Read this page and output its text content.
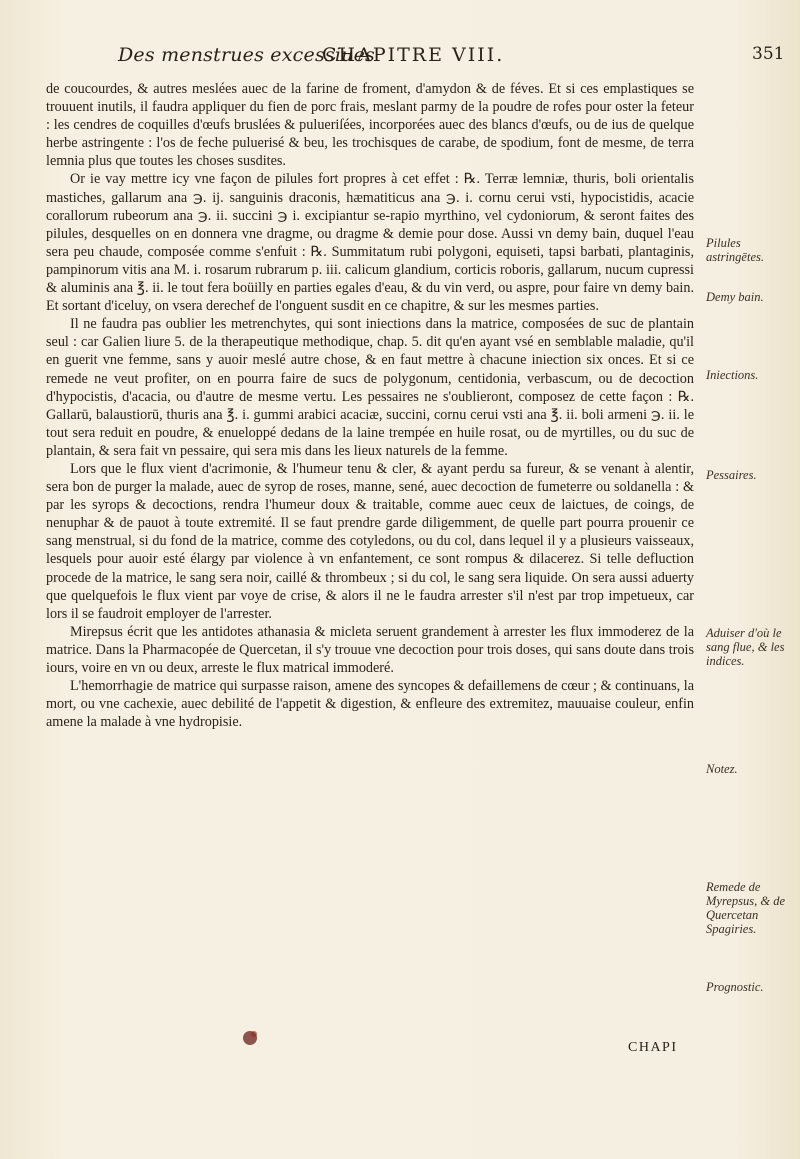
Des menstrues excessiues
CHAPITRE VIII.	351

de coucourdes, & autres meslées auec de la farine de froment, d'amydon & de féves. Et si ces emplastiques se trouuent inutils, il faudra appliquer du fien de porc frais, meslant parmy de la poudre de rofes pour oster la feteur : les cendres de coquilles d'œufs bruslées & pulueriſées, incorporées auec des blancs d'œufs, ou de ius de quelque herbe astringente : l'os de feche puluerisé & beu, les trochisques de carabe, de spodium, font de mesme, de terra lemnia plus que toutes les choses susdites.

Or ie vay mettre icy vne façon de pilules fort propres à cet effet : ℞. Terræ lemniæ, thuris, boli orientalis mastiches, gallarum ana ℈. ij. sanguinis draconis, hæmatiticus ana ℈. i. cornu cerui vsti, hypocistidis, acacie corallorum rubeorum ana ℈. ii. succini ℈ i. excipiantur se-rapio myrthino, vel cydoniorum, & seront faites des pilules, desquelles on en donnera vne dragme, ou dragme & demie pour dose. Aussi vn demy bain, duquel l'eau sera peu chaude, composée comme s'enfuit : ℞. Summitatum rubi polygoni, equiseti, tapsi barbati, plantaginis, pampinorum vitis ana M. i. rosarum rubrarum p. iii. calicum glandium, corticis roboris, gallarum, nucum cupressi & aluminis ana ℥. ii. le tout fera boüilly en parties egales d'eau, & du vin verd, ou aspre, pour faire vn demy bain. Et sortant d'iceluy, on vsera derechef de l'onguent susdit en ce chapitre, & sur les mesmes parties.

Il ne faudra pas oublier les metrenchytes, qui sont iniections dans la matrice, composées de suc de plantain seul : car Galien liure 5. de la therapeutique methodique, chap. 5. dit qu'en ayant vsé en semblable maladie, qu'il en guerit vne femme, sans y auoir meslé autre chose, & en faut mettre à chacune iniection six onces. Et si ce remede ne veut profiter, on en pourra faire de sucs de polygonum, centidonia, verbascum, ou de decoction d'hypocistis, d'acacia, ou d'autre de mesme vertu. Les pessaires ne s'oublieront, composez de cette façon : ℞. Gallarū, balaustiorū, thuris ana ℥. i. gummi arabici acaciæ, succini, cornu cerui vsti ana ℥. ii. boli armeni ℈. ii. le tout sera reduit en poudre, & enueloppé dedans de la laine trempée en huile rosat, ou de myrtilles, ou du suc de plantain, & sera fait vn pessaire, qui sera mis dans les lieux naturels de la femme.

Lors que le flux vient d'acrimonie, & l'humeur tenu & cler, & ayant perdu sa fureur, & se venant à alentir, sera bon de purger la malade, auec de syrop de roses, manne, sené, auec decoction de fumeterre ou soldanella : & par les syrops & decoctions, rendra l'humeur doux & traitable, comme auec ceux de laictues, de coings, de nenuphar & de pauot à toute extremité. Il se faut prendre garde diligemment, de quelle part pourra prouenir ce sang menstrual, si du fond de la matrice, comme des cotyledons, ou du col, dans lequel il y a plusieurs vaisseaux, lesquels pour auoir esté élargy par violence à vn enfantement, ce sont rompus & dilacerez. Si telle defluction procede de la matrice, le sang sera noir, caillé & thrombeux ; si du col, le sang sera liquide. On sera aussi aduerty que quelquefois le flux vient par voye de crise, & alors il ne le faudra arrester s'il n'est par trop impetueux, car lors il se faudroit employer de l'arrester.

Mirepsus écrit que les antidotes athanasia & micleta seruent grandement à arrester les flux immoderez de la matrice. Dans la Pharmacopée de Quercetan, il s'y trouue vne decoction pour trois doses, qui sans doute dans trois iours, voire en vn ou deux, arreste le flux matrical immoderé.

L'hemorrhagie de matrice qui surpasse raison, amene des syncopes & defaillemens de cœur ; & continuans, la mort, ou vne cachexie, auec debilité de l'appetit & digestion, & enfleure des extremitez, mauuaise couleur, enfin amene la malade à vne hydropisie.

Pilules astringētes.
Demy bain.
Iniections.
Pessaires.
Aduiser d'où le sang flue, & les indices.
Notez.
Remede de Myrepsus, & de Quercetan Spagiries.
Prognostic.
CHAPI
